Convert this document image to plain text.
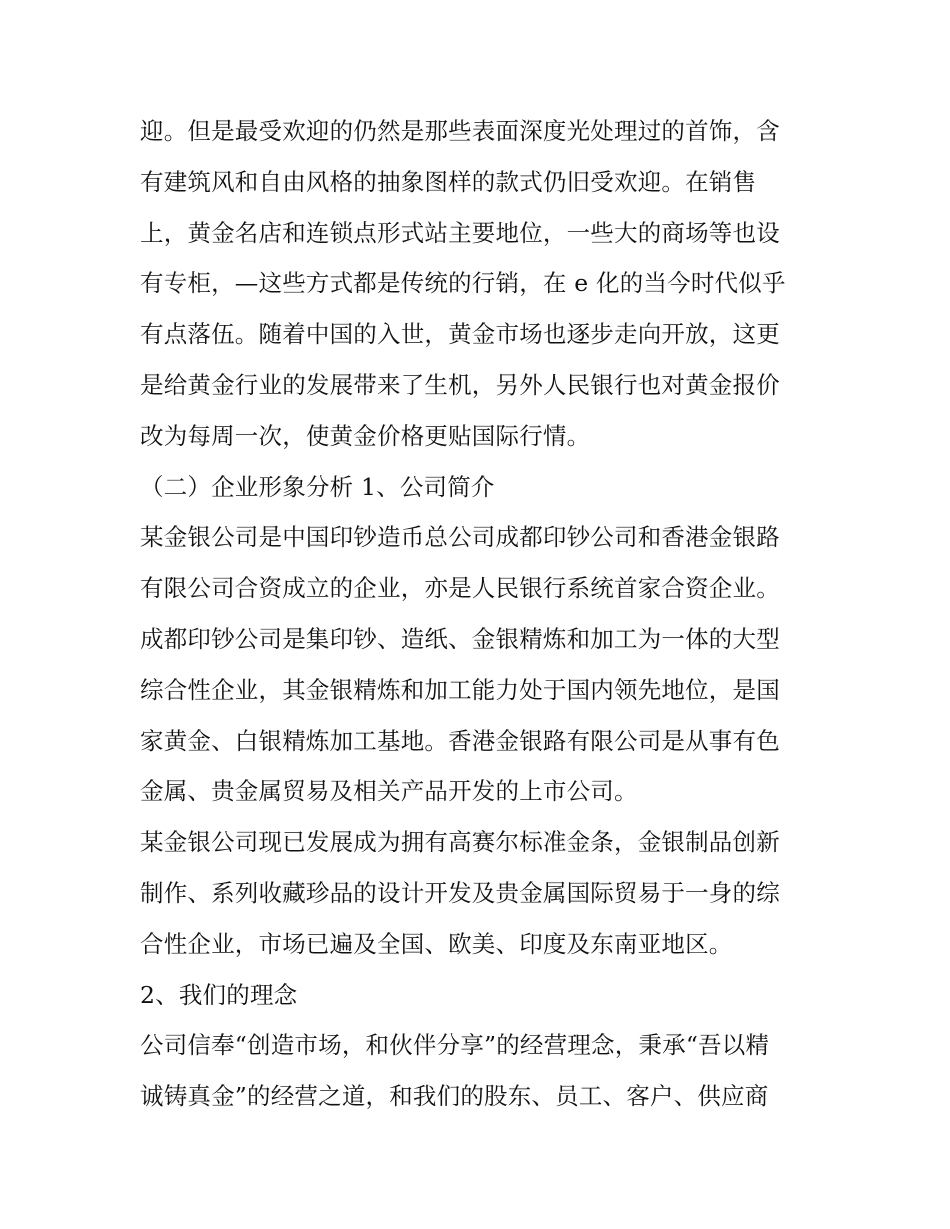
迎。但是最受欢迎的仍然是那些表面深度光处理过的首饰，含
有建筑风和自由风格的抽象图样的款式仍旧受欢迎。在销售
上，黄金名店和连锁点形式站主要地位，一些大的商场等也设
有专柜，—这些方式都是传统的行销，在 e 化的当今时代似乎
有点落伍。随着中国的入世，黄金市场也逐步走向开放，这更
是给黄金行业的发展带来了生机，另外人民银行也对黄金报价
改为每周一次，使黄金价格更贴国际行情。
（二）企业形象分析 1、公司简介
某金银公司是中国印钞造币总公司成都印钞公司和香港金银路
有限公司合资成立的企业，亦是人民银行系统首家合资企业。
成都印钞公司是集印钞、造纸、金银精炼和加工为一体的大型
综合性企业，其金银精炼和加工能力处于国内领先地位，是国
家黄金、白银精炼加工基地。香港金银路有限公司是从事有色
金属、贵金属贸易及相关产品开发的上市公司。
某金银公司现已发展成为拥有高赛尔标准金条，金银制品创新
制作、系列收藏珍品的设计开发及贵金属国际贸易于一身的综
合性企业，市场已遍及全国、欧美、印度及东南亚地区。
2、我们的理念
公司信奉“创造市场，和伙伴分享”的经营理念，秉承“吾以精
诚铸真金”的经营之道，和我们的股东、员工、客户、供应商
